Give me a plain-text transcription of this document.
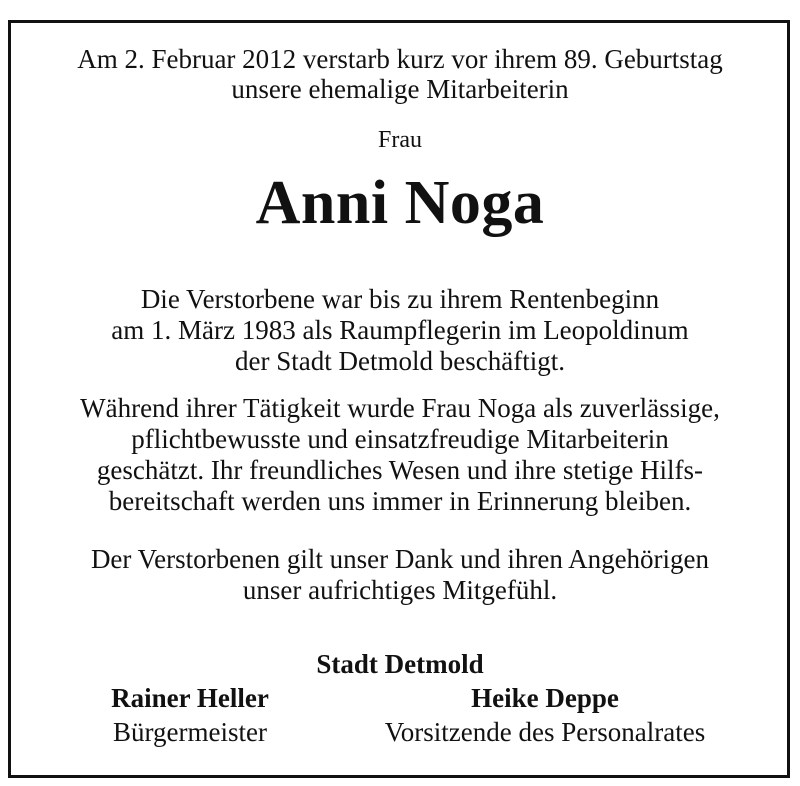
Am 2. Februar 2012 verstarb kurz vor ihrem 89. Geburtstag
unsere ehemalige Mitarbeiterin
Frau
Anni Noga
Die Verstorbene war bis zu ihrem Rentenbeginn
am 1. März 1983 als Raumpflegerin im Leopoldinum
der Stadt Detmold beschäftigt.
Während ihrer Tätigkeit wurde Frau Noga als zuverlässige,
pflichtbewusste und einsatzfreudige Mitarbeiterin
geschätzt. Ihr freundliches Wesen und ihre stetige Hilfs-
bereitschaft werden uns immer in Erinnerung bleiben.
Der Verstorbenen gilt unser Dank und ihren Angehörigen
unser aufrichtiges Mitgefühl.
Stadt Detmold
Rainer Heller
Bürgermeister
Heike Deppe
Vorsitzende des Personalrates
